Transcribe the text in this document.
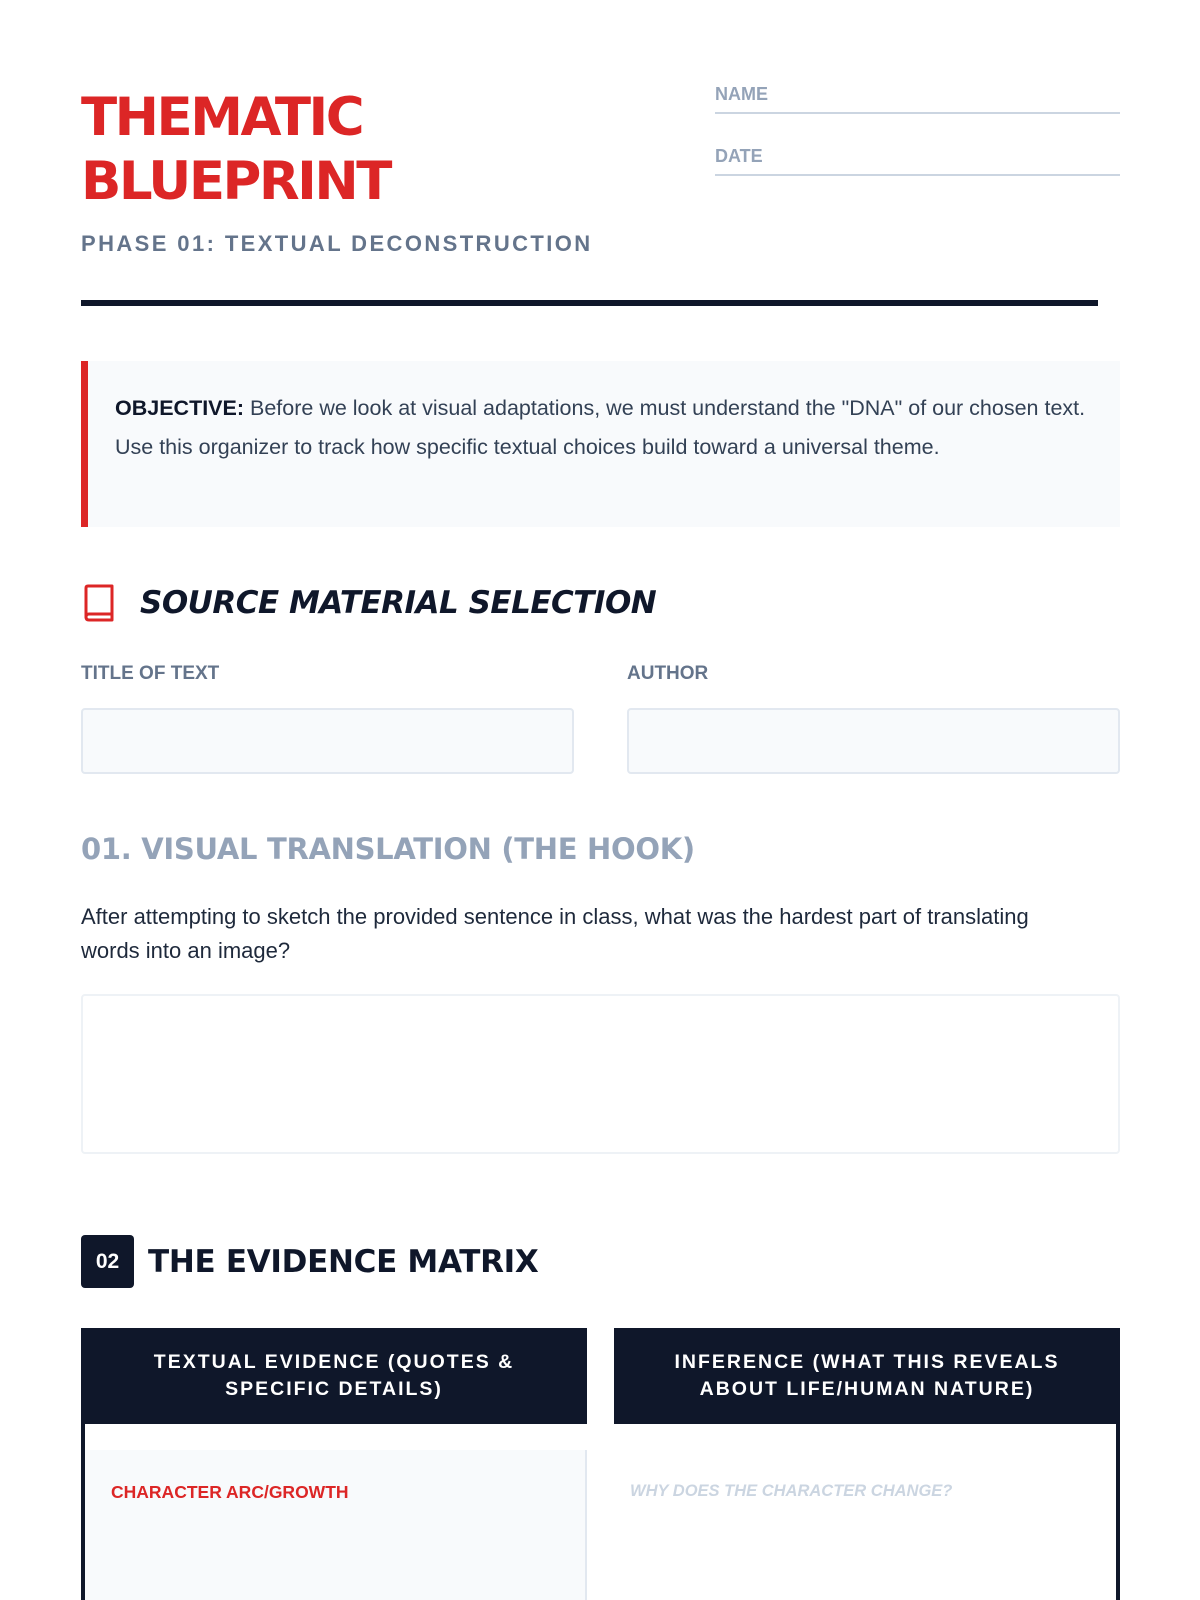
THEMATIC
BLUEPRINT
PHASE 01: TEXTUAL DECONSTRUCTION
NAME
DATE

OBJECTIVE: Before we look at visual adaptations, we must understand the "DNA" of our chosen text. Use this organizer to track how specific textual choices build toward a universal theme.

SOURCE MATERIAL SELECTION
TITLE OF TEXT	AUTHOR
01. VISUAL TRANSLATION (THE HOOK)

After attempting to sketch the provided sentence in class, what was the hardest part of translating words into an image?

02 THE EVIDENCE MATRIX
TEXTUAL EVIDENCE (QUOTES & SPECIFIC DETAILS)
INFERENCE (WHAT THIS REVEALS ABOUT LIFE/HUMAN NATURE)
CHARACTER ARC/GROWTH	WHY DOES THE CHARACTER CHANGE?
